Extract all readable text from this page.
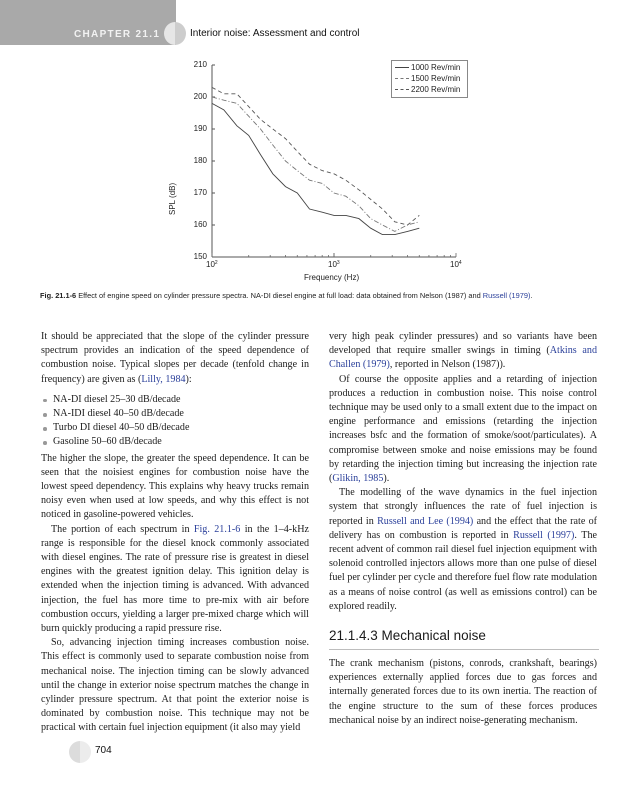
CHAPTER 21.1	Interior noise: Assessment and control
150
160
170
180
190
200
210
$10^2$	$10^3$	$10^4$
SPL (dB)
Frequency (Hz)
1000 Rev/min
1500 Rev/min
2200 Rev/min
Fig. 21.1-6 Effect of engine speed on cylinder pressure spectra. NA-DI diesel engine at full load: data obtained from Nelson (1987) and Russell (1979).

It should be appreciated that the slope of the cylinder pressure spectrum provides an indication of the speed dependence of combustion noise. Typical slopes per decade (tenfold change in frequency) are given as (Lilly, 1984):

NA-DI diesel 25–30 dB/decade
NA-IDI diesel 40–50 dB/decade
Turbo DI diesel 40–50 dB/decade
Gasoline 50–60 dB/decade

The higher the slope, the greater the speed dependence. It can be seen that the noisiest engines for combustion noise have the lowest speed dependency. This explains why heavy trucks remain noisy even when used at low speeds, and why this effect is not noticed in gasoline-powered vehicles.

The portion of each spectrum in Fig. 21.1-6 in the 1–4-kHz range is responsible for the diesel knock commonly associated with diesel engines. The rate of pressure rise is greatest in diesel engines with the greatest ignition delay. This ignition delay is extended when the injection timing is advanced. With advanced injection, the fuel has more time to pre-mix with air before combustion occurs, yielding a larger pre-mixed charge which will burn quickly producing a rapid pressure rise.

So, advancing injection timing increases combustion noise. This effect is commonly used to separate combustion noise from mechanical noise. The injection timing can be slowly advanced until the change in exterior noise spectrum matches the change in cylinder pressure spectrum. At that point the exterior noise is dominated by combustion noise. This technique may not be practical with certain fuel injection equipment (it also may yield

very high peak cylinder pressures) and so variants have been developed that require smaller swings in timing (Atkins and Challen (1979), reported in Nelson (1987)).

Of course the opposite applies and a retarding of injection produces a reduction in combustion noise. This noise control technique may be used only to a small extent due to the impact on engine performance and emissions (retarding the injection increases bsfc and the formation of smoke/soot/particulates). A compromise between smoke and noise emissions may be found by retarding the injection timing but increasing the injection rate (Glikin, 1985).

The modelling of the wave dynamics in the fuel injection system that strongly influences the rate of fuel injection is reported in Russell and Lee (1994) and the effect that the rate of delivery has on combustion is reported in Russell (1997). The recent advent of common rail diesel fuel injection equipment with solenoid controlled injectors allows more than one pulse of diesel fuel per cylinder per cycle and therefore fuel flow rate modulation as a means of noise control (as well as emissions control) can be explored readily.

21.1.4.3 Mechanical noise

The crank mechanism (pistons, conrods, crankshaft, bearings) experiences externally applied forces due to gas forces and internally generated forces due to its own inertia. The reaction of the engine structure to the sum of these forces produces mechanical noise by an indirect noise-generating mechanism.

704
